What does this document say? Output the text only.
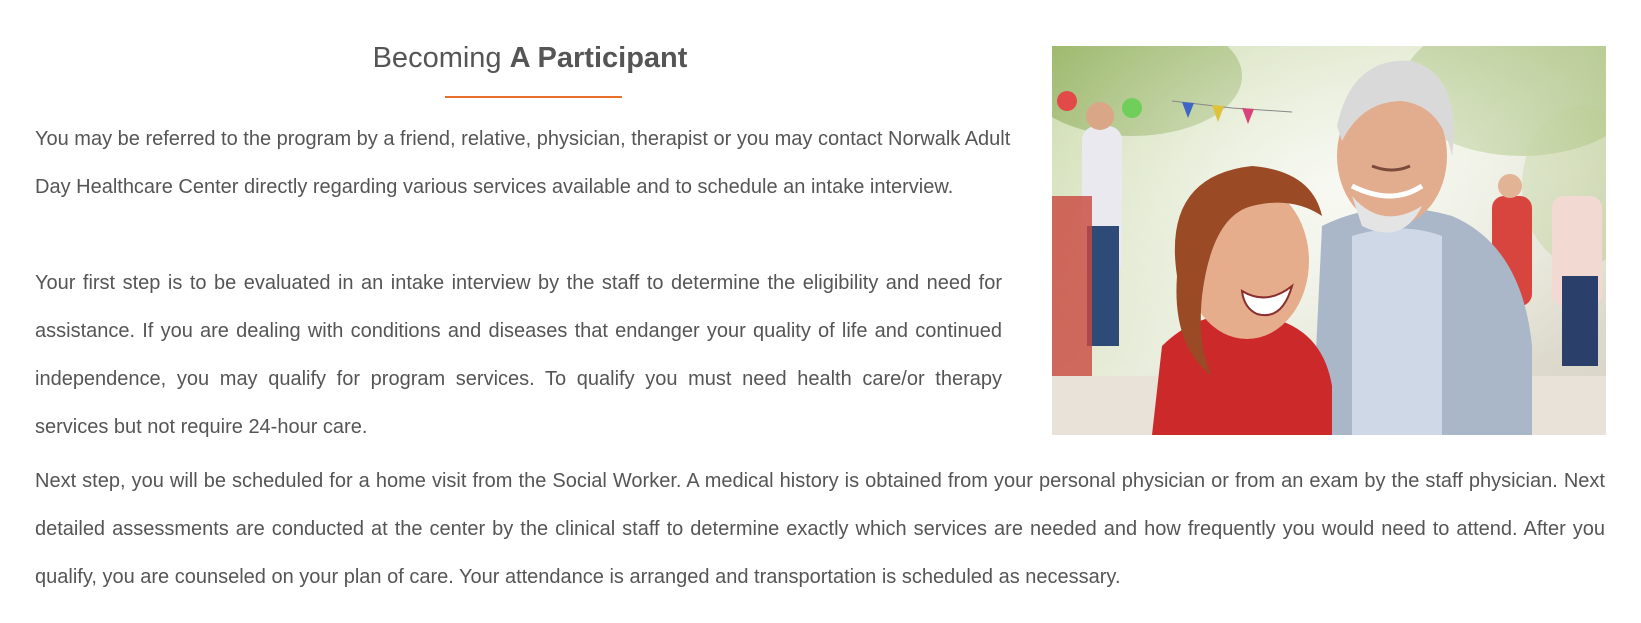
Becoming A Participant

You may be referred to the program by a friend, relative, physician, therapist or you may contact Norwalk Adult Day Healthcare Center directly regarding various services available and to schedule an intake interview.

Your first step is to be evaluated in an intake interview by the staff to determine the eligibility and need for assistance. If you are dealing with conditions and diseases that endanger your quality of life and continued independence, you may qualify for program services. To qualify you must need health care/or therapy services but not require 24-hour care.

Next step, you will be scheduled for a home visit from the Social Worker. A medical history is obtained from your personal physician or from an exam by the staff physician. Next detailed assessments are conducted at the center by the clinical staff to determine exactly which services are needed and how frequently you would need to attend. After you qualify, you are counseled on your plan of care. Your attendance is arranged and transportation is scheduled as necessary.
